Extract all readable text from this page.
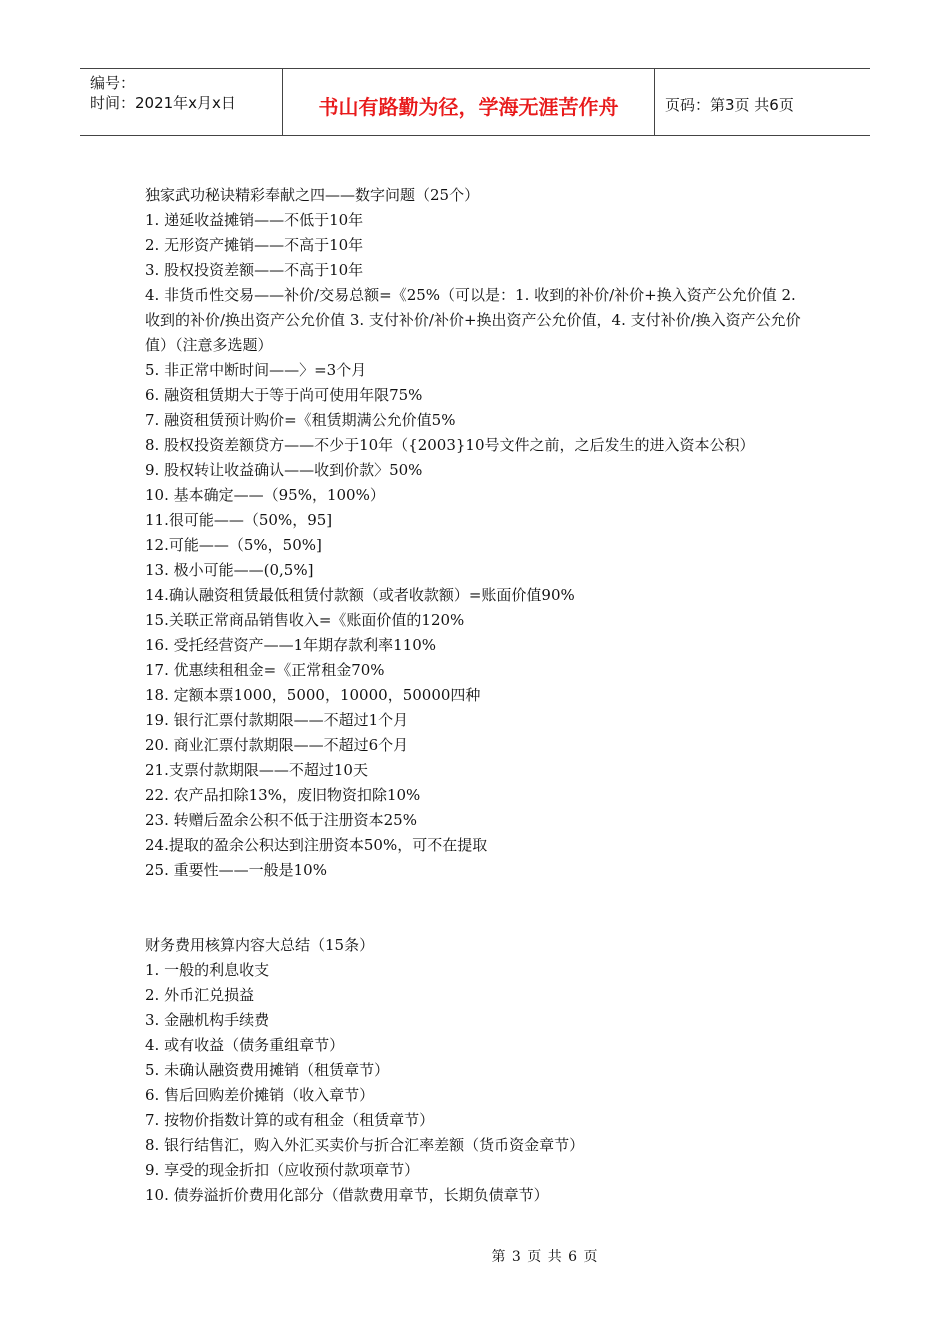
编号：
时间：2021年x月x日	书山有路勤为径，学海无涯苦作舟	页码：第3页 共6页

独家武功秘诀精彩奉献之四——数字问题（25个）

1. 递延收益摊销——不低于10年

2. 无形资产摊销——不高于10年

3. 股权投资差额——不高于10年

4. 非货币性交易——补价/交易总额=《25%（可以是：1. 收到的补价/补价+换入资产公允价值 2. 收到的补价/换出资产公允价值 3. 支付补价/补价+换出资产公允价值，4. 支付补价/换入资产公允价值）（注意多选题）

5. 非正常中断时间——〉=3个月

6. 融资租赁期大于等于尚可使用年限75%

7. 融资租赁预计购价=《租赁期满公允价值5%

8. 股权投资差额贷方——不少于10年（{2003}10号文件之前，之后发生的进入资本公积）

9. 股权转让收益确认——收到价款〉50%

10. 基本确定——（95%，100%）

11.很可能——（50%，95]

12.可能——（5%，50%]

13. 极小可能——(0,5%]

14.确认融资租赁最低租赁付款额（或者收款额）=账面价值90%

15.关联正常商品销售收入=《账面价值的120%

16. 受托经营资产——1年期存款利率110%

17. 优惠续租租金=《正常租金70%

18. 定额本票1000，5000，10000，50000四种

19. 银行汇票付款期限——不超过1个月

20. 商业汇票付款期限——不超过6个月

21.支票付款期限——不超过10天

22. 农产品扣除13%，废旧物资扣除10%

23. 转赠后盈余公积不低于注册资本25%

24.提取的盈余公积达到注册资本50%，可不在提取

25. 重要性——一般是10%

财务费用核算内容大总结（15条）

1. 一般的利息收支

2. 外币汇兑损益

3. 金融机构手续费

4. 或有收益（债务重组章节）

5. 未确认融资费用摊销（租赁章节）

6. 售后回购差价摊销（收入章节）

7. 按物价指数计算的或有租金（租赁章节）

8. 银行结售汇，购入外汇买卖价与折合汇率差额（货币资金章节）

9. 享受的现金折扣（应收预付款项章节）

10. 债券溢折价费用化部分（借款费用章节，长期负债章节）

第 3 页 共 6 页
